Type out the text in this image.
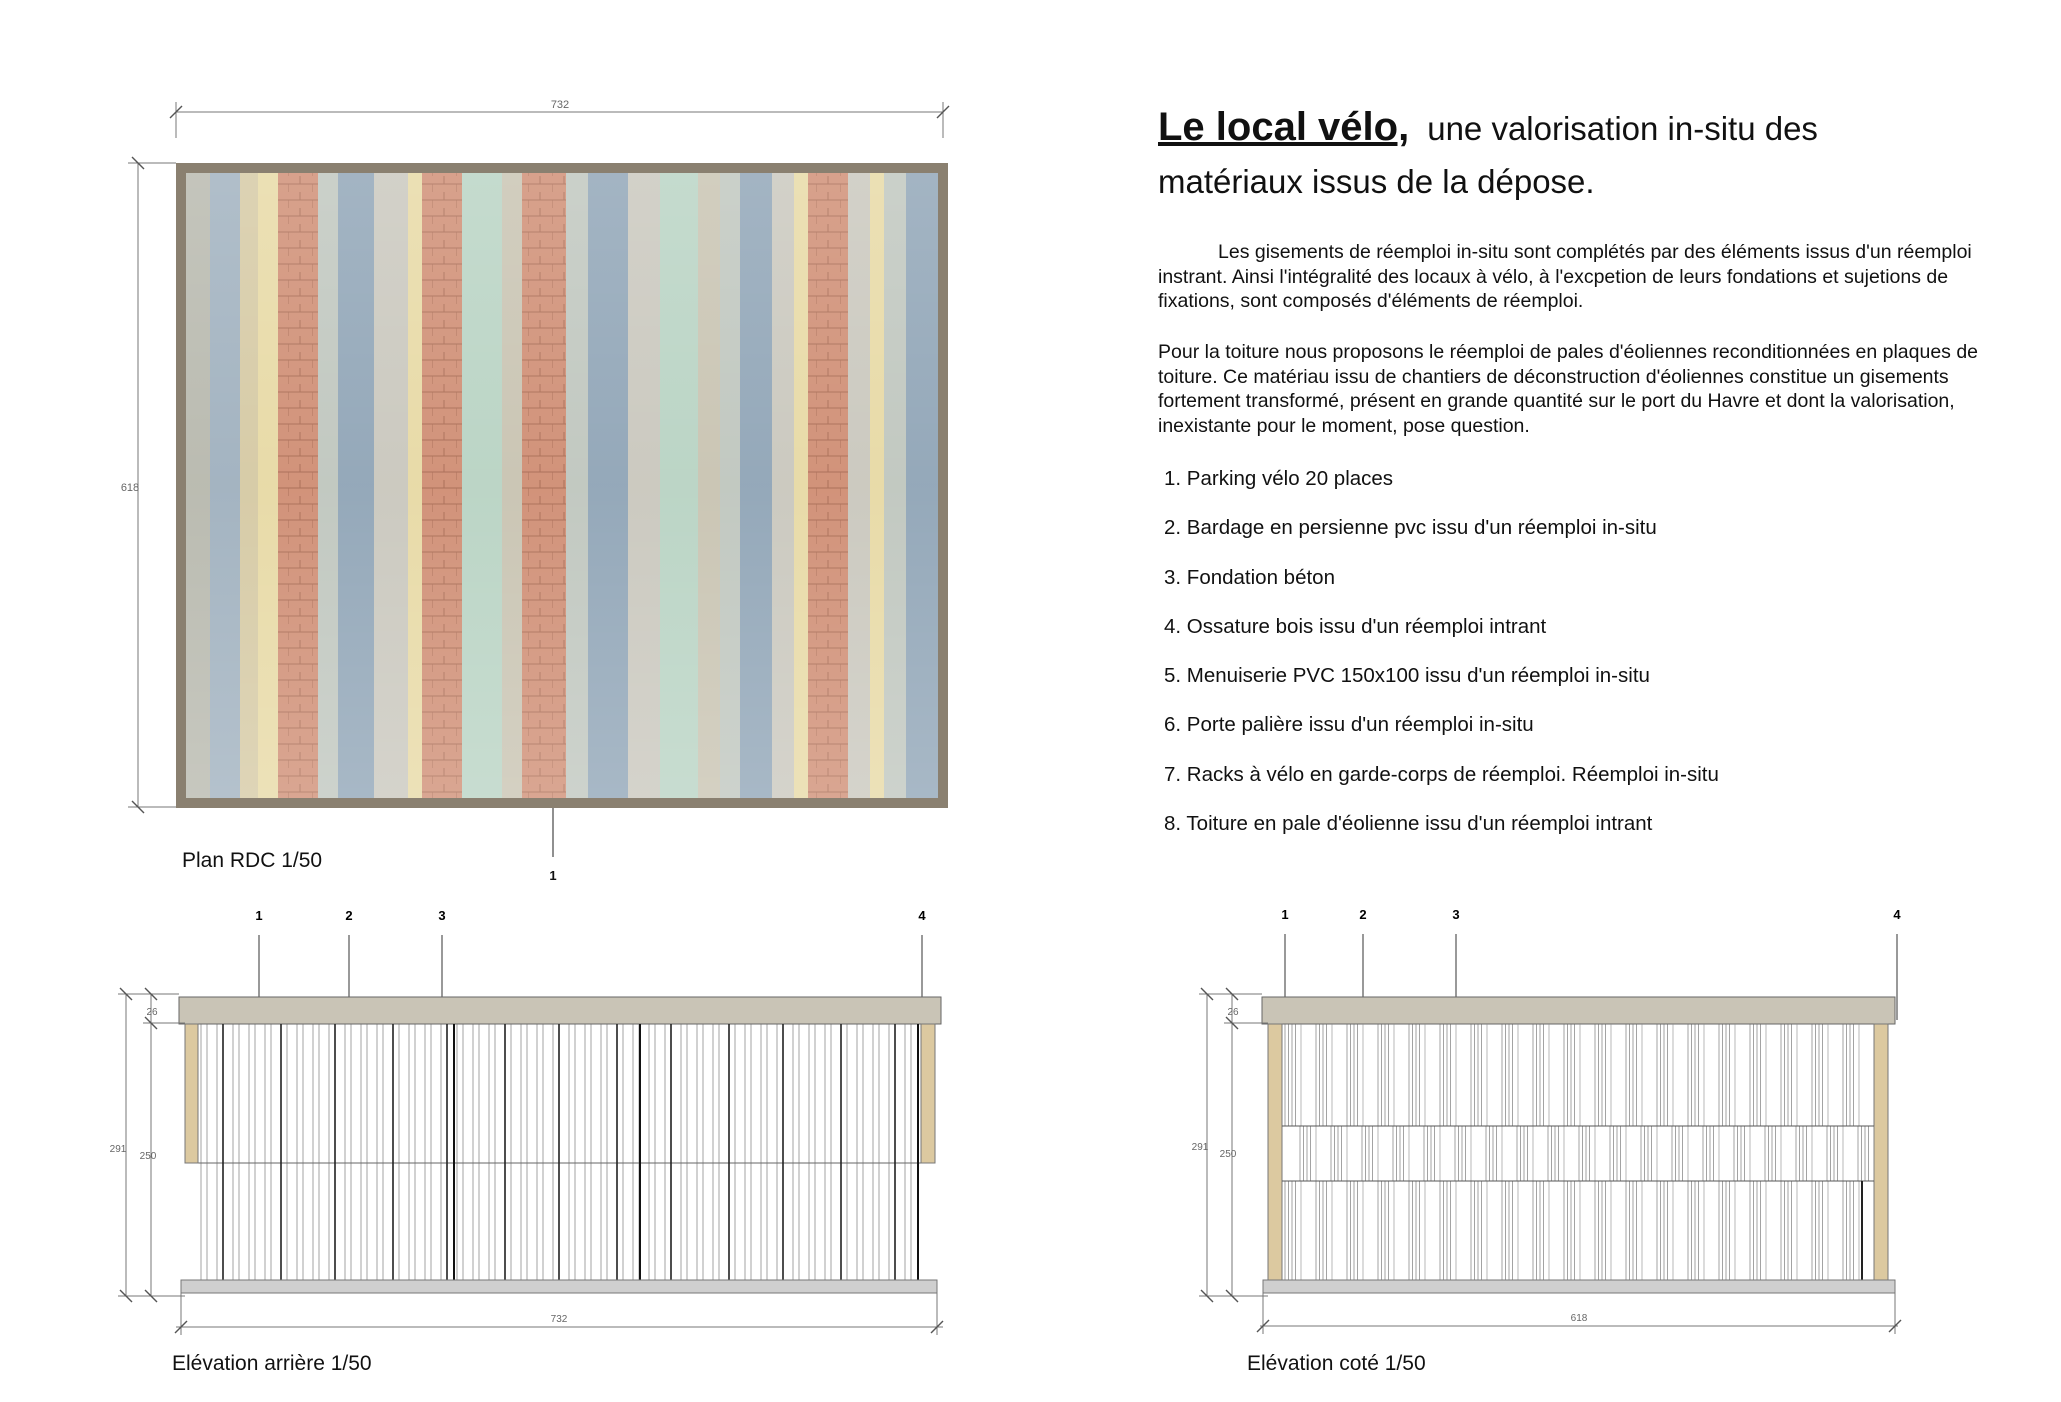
732
618
1
Plan RDC 1/50
1	2	3	4
26
291
250
732
Elévation arrière 1/50
1	2	3	4
26
291
250
618
Elévation coté 1/50
Le local vélo, une valorisation in-situ des
matériaux issus de la dépose.

Les gisements de réemploi in-situ sont complétés par des éléments issus d'un réemploi instrant. Ainsi l'intégralité des locaux à vélo, à l'excpetion de leurs fondations et sujetions de fixations, sont composés d'éléments de réemploi.

Pour la toiture nous proposons le réemploi de pales d'éoliennes reconditionnées en plaques de toiture. Ce matériau issu de chantiers de déconstruction d'éoliennes constitue un gisements fortement transformé, présent en grande quantité sur le port du Havre et dont la valorisation, inexistante pour le moment, pose question.

1. Parking vélo 20 places
2. Bardage en persienne pvc issu d'un réemploi in-situ
3. Fondation béton
4. Ossature bois issu d'un réemploi intrant
5. Menuiserie PVC 150x100 issu d'un réemploi in-situ
6. Porte palière issu d'un réemploi in-situ
7. Racks à vélo en garde-corps de réemploi. Réemploi in-situ
8. Toiture en pale d'éolienne issu d'un réemploi intrant
